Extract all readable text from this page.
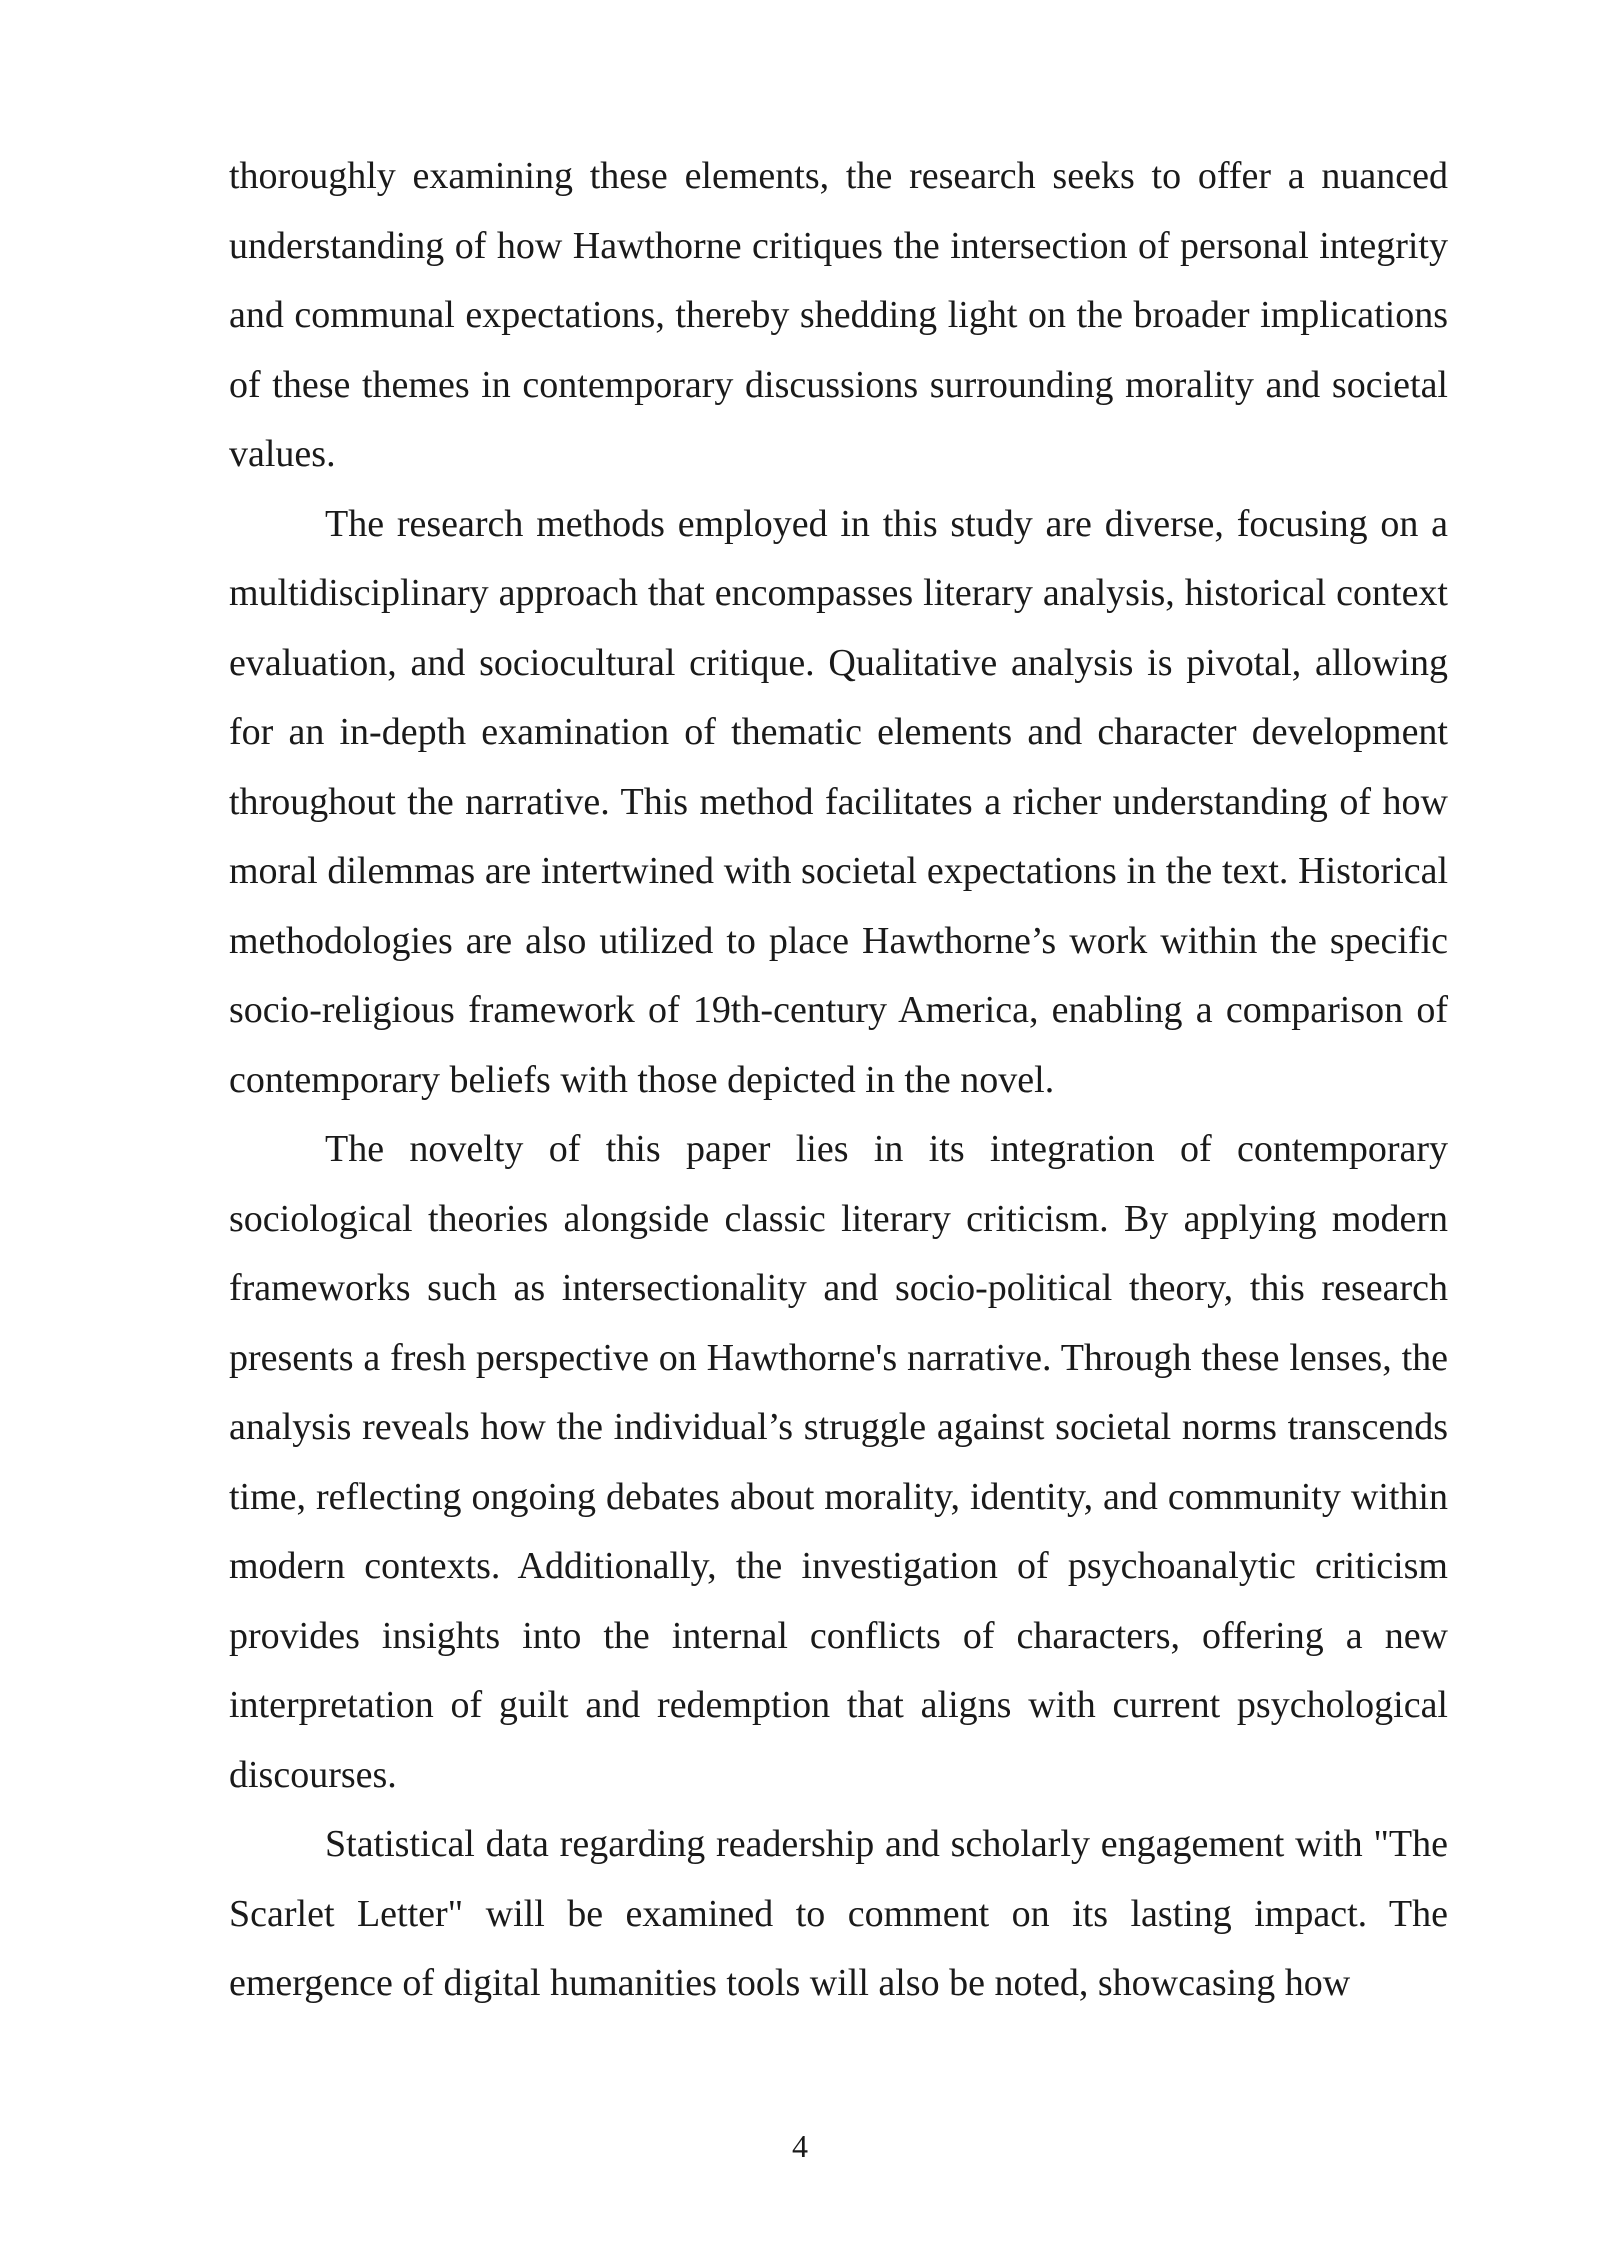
thoroughly examining these elements, the research seeks to offer a nuanced understanding of how Hawthorne critiques the intersection of personal integrity and communal expectations, thereby shedding light on the broader implications of these themes in contemporary discussions surrounding morality and societal values.

The research methods employed in this study are diverse, focusing on a multidisciplinary approach that encompasses literary analysis, historical context evaluation, and sociocultural critique. Qualitative analysis is pivotal, allowing for an in-depth examination of thematic elements and character development throughout the narrative. This method facilitates a richer understanding of how moral dilemmas are intertwined with societal expectations in the text. Historical methodologies are also utilized to place Hawthorne’s work within the specific socio-religious framework of 19th-century America, enabling a comparison of contemporary beliefs with those depicted in the novel.

The novelty of this paper lies in its integration of contemporary sociological theories alongside classic literary criticism. By applying modern frameworks such as intersectionality and socio-political theory, this research presents a fresh perspective on Hawthorne's narrative. Through these lenses, the analysis reveals how the individual’s struggle against societal norms transcends time, reflecting ongoing debates about morality, identity, and community within modern contexts. Additionally, the investigation of psychoanalytic criticism provides insights into the internal conflicts of characters, offering a new interpretation of guilt and redemption that aligns with current psychological discourses.

Statistical data regarding readership and scholarly engagement with "The Scarlet Letter" will be examined to comment on its lasting impact. The emergence of digital humanities tools will also be noted, showcasing how

4
